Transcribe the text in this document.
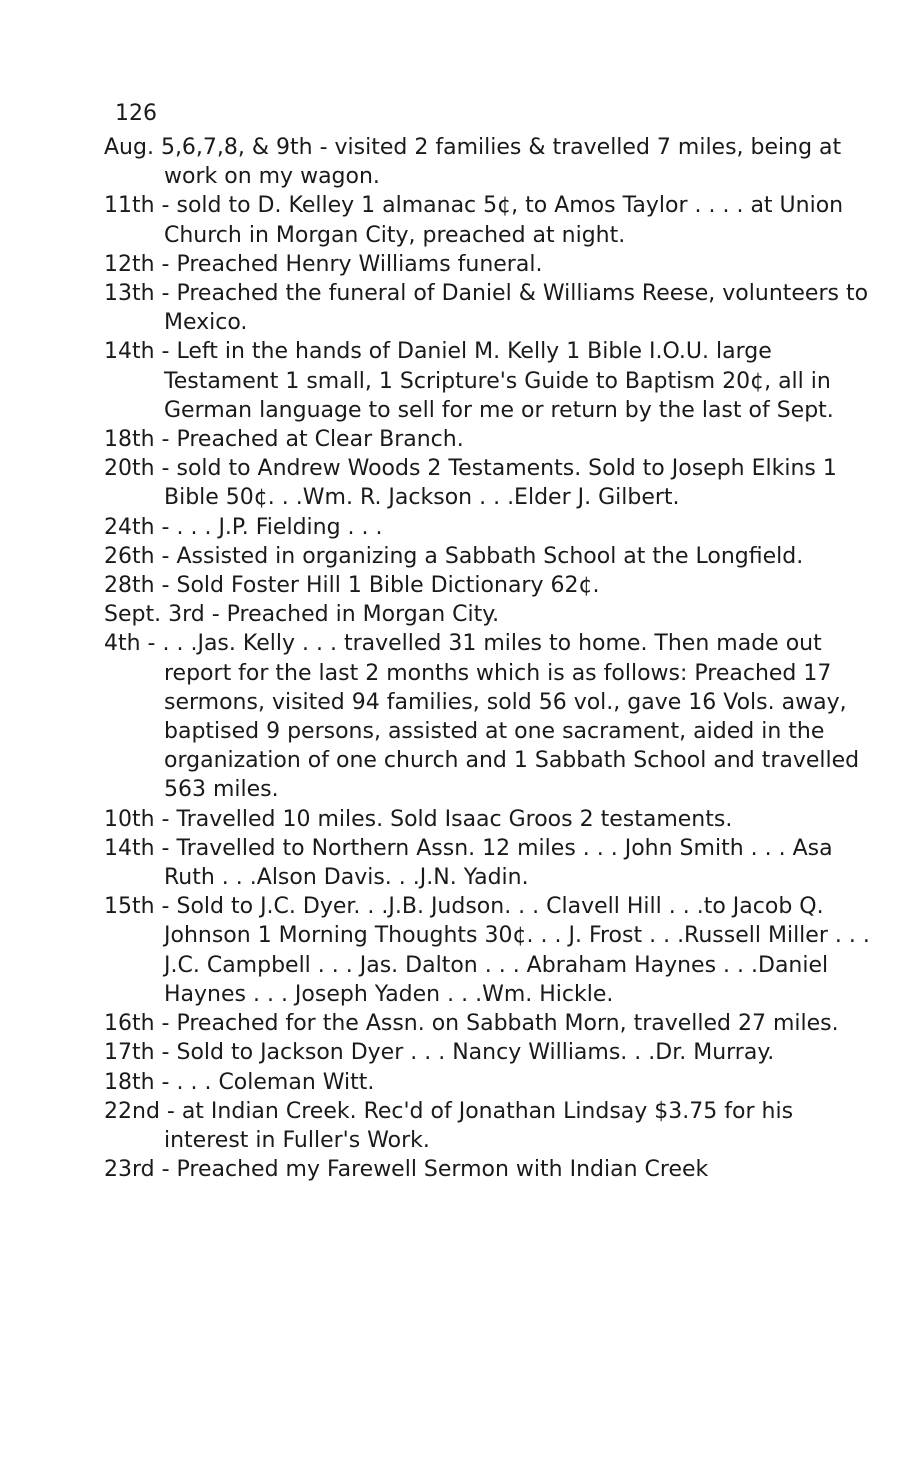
126
Aug. 5,6,7,8, & 9th - visited 2 families & travelled 7 miles, being at work on my wagon.
11th - sold to D. Kelley 1 almanac 5¢, to Amos Taylor . . . . at Union Church in Morgan City, preached at night.
12th - Preached Henry Williams funeral.
13th - Preached the funeral of Daniel & Williams Reese, volunteers to Mexico.
14th - Left in the hands of Daniel M. Kelly 1 Bible I.O.U. large Testament 1 small, 1 Scripture's Guide to Baptism 20¢, all in German language to sell for me or return by the last of Sept.
18th - Preached at Clear Branch.
20th - sold to Andrew Woods 2 Testaments. Sold to Joseph Elkins 1 Bible 50¢. . .Wm. R. Jackson . . .Elder J. Gilbert.
24th - . . . J.P. Fielding . . .
26th - Assisted in organizing a Sabbath School at the Longfield.
28th - Sold Foster Hill 1 Bible Dictionary 62¢.
Sept. 3rd - Preached in Morgan City.
4th - . . .Jas. Kelly . . . travelled 31 miles to home. Then made out report for the last 2 months which is as follows: Preached 17 sermons, visited 94 families, sold 56 vol., gave 16 Vols. away, baptised 9 persons, assisted at one sacrament, aided in the organization of one church and 1 Sabbath School and travelled 563 miles.
10th - Travelled 10 miles. Sold Isaac Groos 2 testaments.
14th - Travelled to Northern Assn. 12 miles . . . John Smith . . . Asa Ruth . . .Alson Davis. . .J.N. Yadin.
15th - Sold to J.C. Dyer. . .J.B. Judson. . . Clavell Hill . . .to Jacob Q. Johnson 1 Morning Thoughts 30¢. . . J. Frost . . .Russell Miller . . . J.C. Campbell . . . Jas. Dalton . . . Abraham Haynes . . .Daniel Haynes . . . Joseph Yaden . . .Wm. Hickle.
16th - Preached for the Assn. on Sabbath Morn, travelled 27 miles.
17th - Sold to Jackson Dyer . . . Nancy Williams. . .Dr. Murray.
18th - . . . Coleman Witt.
22nd - at Indian Creek. Rec'd of Jonathan Lindsay $3.75 for his interest in Fuller's Work.
23rd - Preached my Farewell Sermon with Indian Creek
